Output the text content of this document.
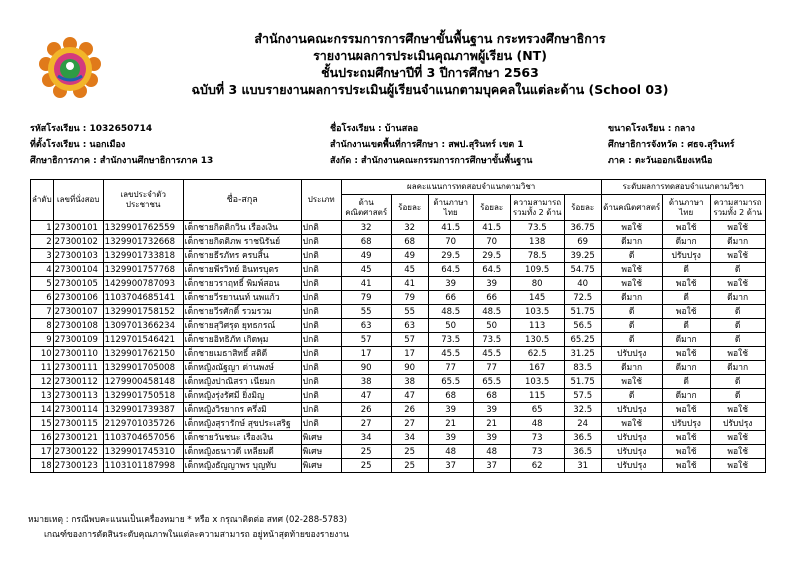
สำนักงานคณะกรรมการการศึกษาขั้นพื้นฐาน กระทรวงศึกษาธิการ
รายงานผลการประเมินคุณภาพผู้เรียน (NT)
ชั้นประถมศึกษาปีที่ 3 ปีการศึกษา 2563
ฉบับที่ 3 แบบรายงานผลการประเมินผู้เรียนจำแนกตามบุคคลในแต่ละด้าน (School 03)
รหัสโรงเรียน : 1032650714
ที่ตั้งโรงเรียน : นอกเมือง
ศึกษาธิการภาค : สำนักงานศึกษาธิการภาค 13
ชื่อโรงเรียน : บ้านสลอ
สำนักงานเขตพื้นที่การศึกษา : สพป.สุรินทร์ เขต 1
สังกัด : สำนักงานคณะกรรมการการศึกษาขั้นพื้นฐาน
ขนาดโรงเรียน : กลาง
ศึกษาธิการจังหวัด : ศธจ.สุรินทร์
ภาค : ตะวันออกเฉียงเหนือ
ลำดับ	เลขที่นั่งสอบ	เลขประจำตัวประชาชน	ชื่อ-สกุล	ประเภท	ผลคะแนนการทดสอบจำแนกตามวิชา						ระดับผลการทดสอบจำแนกตามวิชา		
					ด้านคณิตศาสตร์	ร้อยละ	ด้านภาษาไทย	ร้อยละ	ความสามารถรวมทั้ง 2 ด้าน	ร้อยละ	ด้านคณิตศาสตร์	ด้านภาษาไทย	ความสามารถรวมทั้ง 2 ด้าน
1	27300101	1329901762559	เด็กชายกิตติกวิน เรืองเงิน	ปกติ	32	32	41.5	41.5	73.5	36.75	พอใช้	พอใช้	พอใช้
2	27300102	1329901732668	เด็กชายกิตติภพ ราชนิรันย์	ปกติ	68	68	70	70	138	69	ดีมาก	ดีมาก	ดีมาก
3	27300103	1329901733818	เด็กชายธีรภัทร ครบสิ้น	ปกติ	49	49	29.5	29.5	78.5	39.25	ดี	ปรับปรุง	พอใช้
4	27300104	1329901757768	เด็กชายพีรวิทย์ อินทรบุตร	ปกติ	45	45	64.5	64.5	109.5	54.75	พอใช้	ดี	ดี
5	27300105	1429900787093	เด็กชายวราฤทธิ์ พิมพ์สอน	ปกติ	41	41	39	39	80	40	พอใช้	พอใช้	พอใช้
6	27300106	1103704685141	เด็กชายวีรยานนท์ นพแก้ว	ปกติ	79	79	66	66	145	72.5	ดีมาก	ดี	ดีมาก
7	27300107	1329901758152	เด็กชายวีรศักดิ์ รวมรวม	ปกติ	55	55	48.5	48.5	103.5	51.75	ดี	พอใช้	ดี
8	27300108	1309701366234	เด็กชายสุวิศรุต ยุทธกรณ์	ปกติ	63	63	50	50	113	56.5	ดี	ดี	ดี
9	27300109	1129701546421	เด็กชายอิทธิภัท เกิดพุม	ปกติ	57	57	73.5	73.5	130.5	65.25	ดี	ดีมาก	ดี
10	27300110	1329901762150	เด็กชายเมธาสิทธิ์ สติดี	ปกติ	17	17	45.5	45.5	62.5	31.25	ปรับปรุง	พอใช้	พอใช้
11	27300111	1329901705008	เด็กหญิงณัฐญา ด่านพงษ์	ปกติ	90	90	77	77	167	83.5	ดีมาก	ดีมาก	ดีมาก
12	27300112	1279900458148	เด็กหญิงปาณิสรา เนียมก	ปกติ	38	38	65.5	65.5	103.5	51.75	พอใช้	ดี	ดี
13	27300113	1329901750518	เด็กหญิงรุ่งรัศมี ยิ่งมิญ	ปกติ	47	47	68	68	115	57.5	ดี	ดีมาก	ดี
14	27300114	1329901739387	เด็กหญิงวิรยากร ครึ่งมิ	ปกติ	26	26	39	39	65	32.5	ปรับปรุง	พอใช้	พอใช้
15	27300115	2129701035726	เด็กหญิงสุรารักษ์ สุขประเสริฐ	ปกติ	27	27	21	21	48	24	พอใช้	ปรับปรุง	ปรับปรุง
16	27300121	1103704657056	เด็กชายวันชนะ เรืองเงิน	พิเศษ	34	34	39	39	73	36.5	ปรับปรุง	พอใช้	พอใช้
17	27300122	1329901745310	เด็กหญิงธนาวดี เหลียมดี	พิเศษ	25	25	48	48	73	36.5	ปรับปรุง	พอใช้	พอใช้
18	27300123	1103101187998	เด็กหญิงธัญญาพร บุญทับ	พิเศษ	25	25	37	37	62	31	ปรับปรุง	พอใช้	พอใช้
หมายเหตุ : กรณีพบคะแนนเป็นเครื่องหมาย * หรือ x กรุณาติดต่อ สทศ (02-288-5783)
เกณฑ์ของการตัดสินระดับคุณภาพในแต่ละความสามารถ อยู่หน้าสุดท้ายของรายงาน
